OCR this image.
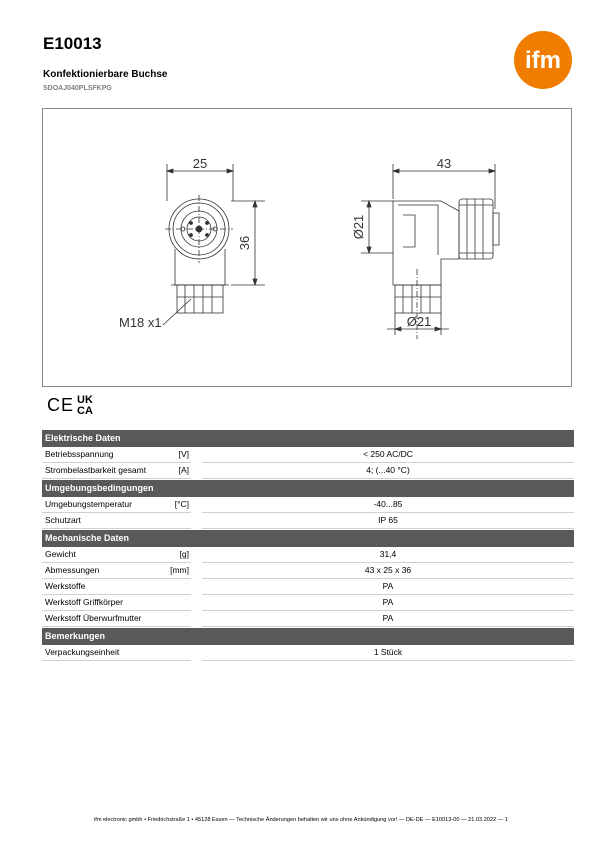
E10013
Konfektionierbare Buchse
SDOAJ040PLSFKPG
ifm
25
36
M18 x1
43
Ø21
Ø21
CE UK
CA
Elektrische Daten
Betriebsspannung	[V]	< 250 AC/DC
Strombelastbarkeit gesamt	[A]	4; (...40 °C)
Umgebungsbedingungen
Umgebungstemperatur	[°C]	-40...85
Schutzart	IP 65
Mechanische Daten
Gewicht	[g]	31,4
Abmessungen	[mm]	43 x 25 x 36
Werkstoffe	PA
Werkstoff Griffkörper	PA
Werkstoff Überwurfmutter	PA
Bemerkungen
Verpackungseinheit	1 Stück
ifm electronic gmbh • Friedrichstraße 1 • 45128 Essen — Technische Änderungen behalten wir uns ohne Ankündigung vor! — DE-DE — E10013-00 — 21.03.2022 — 1
